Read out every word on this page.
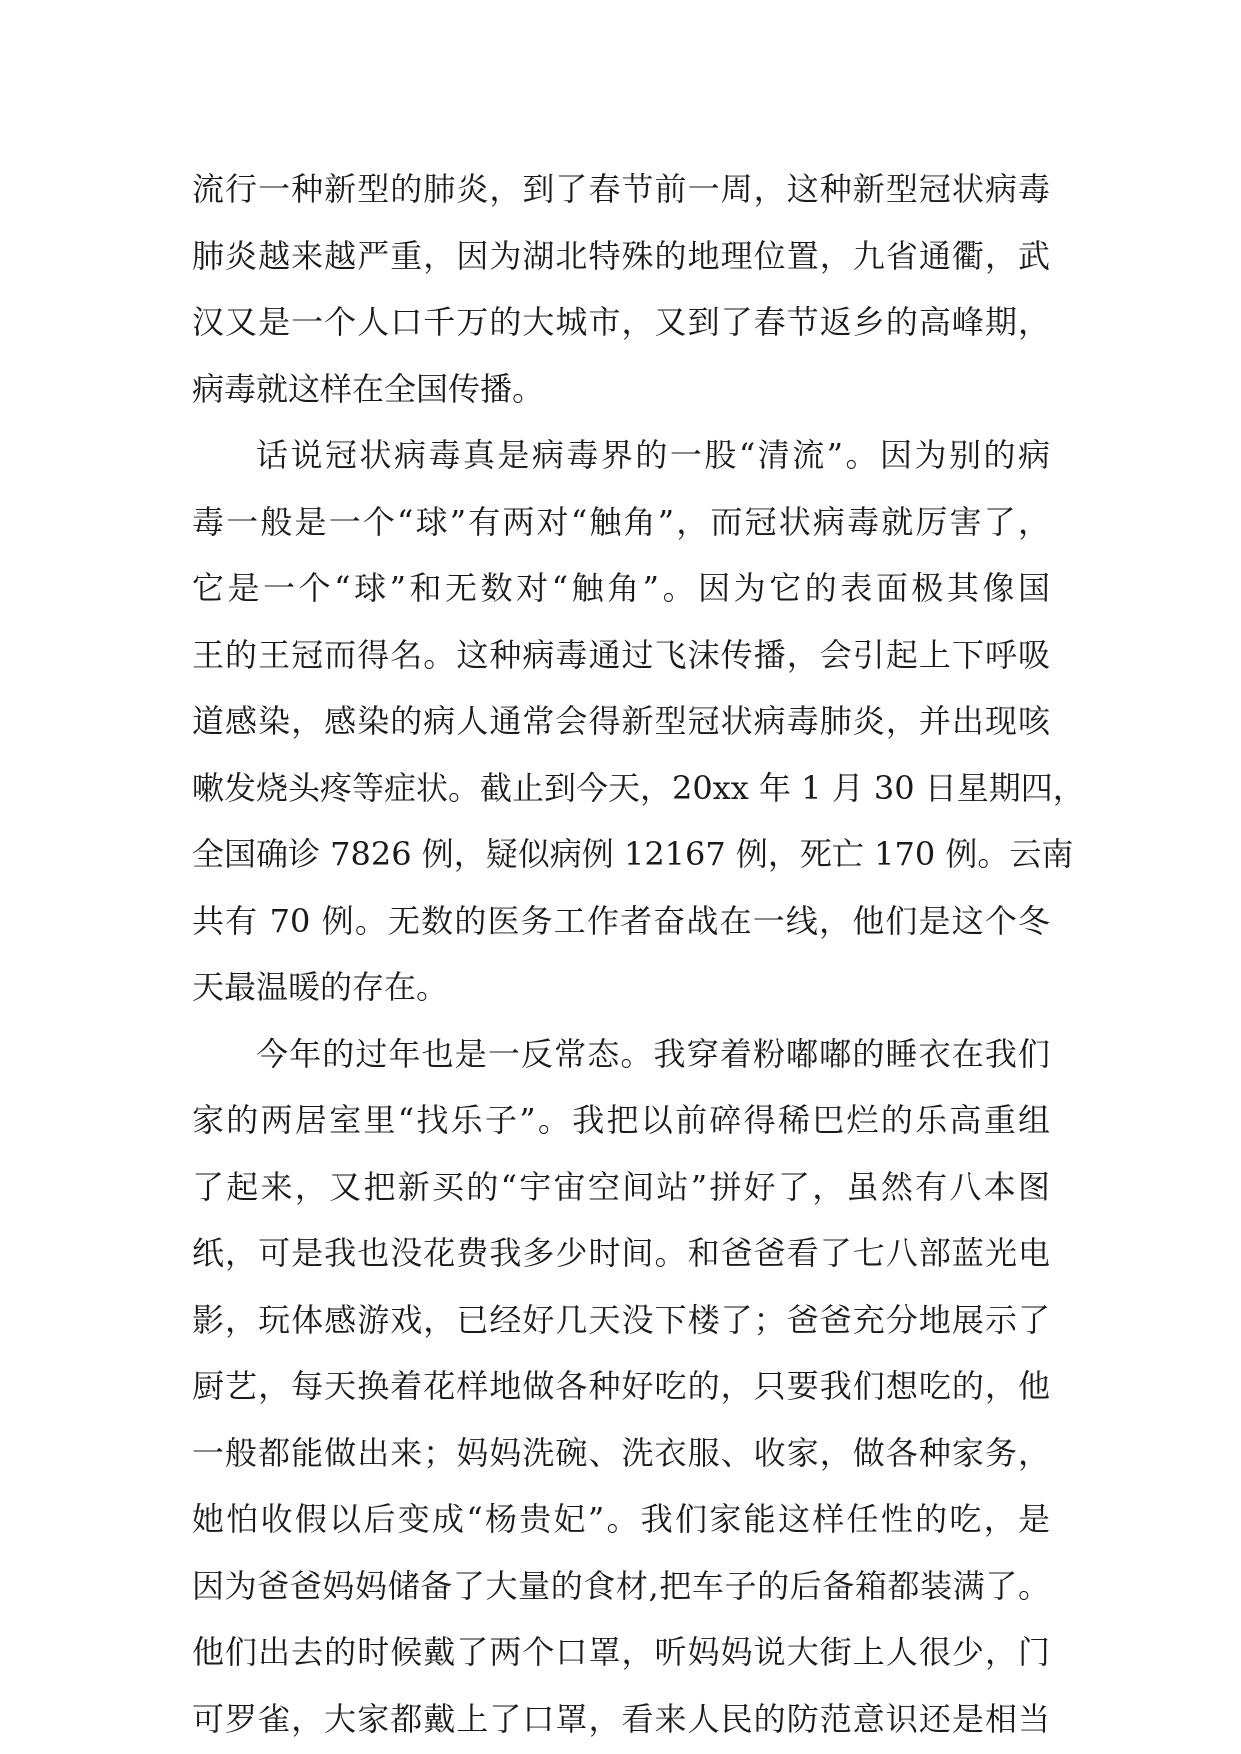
流行一种新型的肺炎，到了春节前一周，这种新型冠状病毒
肺炎越来越严重，因为湖北特殊的地理位置，九省通衢，武
汉又是一个人口千万的大城市，又到了春节返乡的高峰期，
病毒就这样在全国传播。
话说冠状病毒真是病毒界的一股“清流”。因为别的病
毒一般是一个“球”有两对“触角”，而冠状病毒就厉害了，
它是一个“球”和无数对“触角”。因为它的表面极其像国
王的王冠而得名。这种病毒通过飞沫传播，会引起上下呼吸
道感染，感染的病人通常会得新型冠状病毒肺炎，并出现咳
嗽发烧头疼等症状。截止到今天，20xx 年 1 月 30 日星期四，
全国确诊 7826 例，疑似病例 12167 例，死亡 170 例。云南
共有 70 例。无数的医务工作者奋战在一线，他们是这个冬
天最温暖的存在。
今年的过年也是一反常态。我穿着粉嘟嘟的睡衣在我们
家的两居室里“找乐子”。我把以前碎得稀巴烂的乐高重组
了起来，又把新买的“宇宙空间站”拼好了，虽然有八本图
纸，可是我也没花费我多少时间。和爸爸看了七八部蓝光电
影，玩体感游戏，已经好几天没下楼了；爸爸充分地展示了
厨艺，每天换着花样地做各种好吃的，只要我们想吃的，他
一般都能做出来；妈妈洗碗、洗衣服、收家，做各种家务，
她怕收假以后变成“杨贵妃”。我们家能这样任性的吃，是
因为爸爸妈妈储备了大量的食材,把车子的后备箱都装满了。
他们出去的时候戴了两个口罩，听妈妈说大街上人很少，门
可罗雀，大家都戴上了口罩，看来人民的防范意识还是相当
